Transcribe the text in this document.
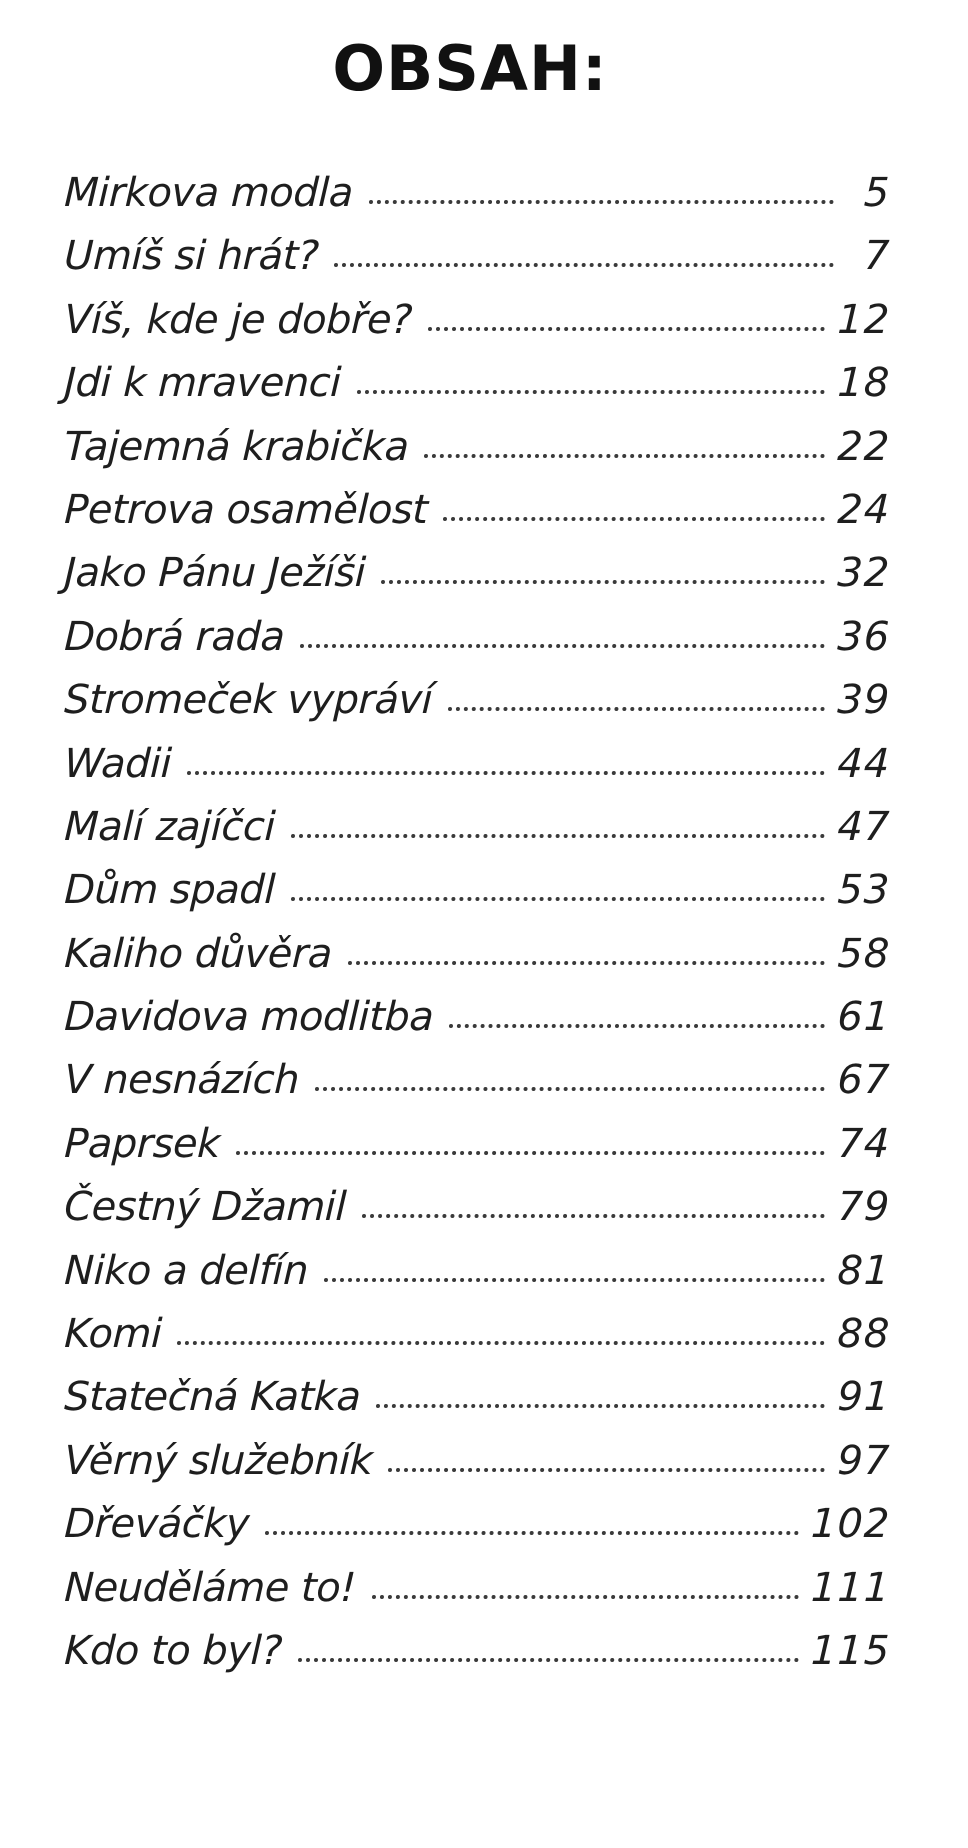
OBSAH:
Mirkova modla	5
Umíš si hrát?	7
Víš, kde je dobře?	12
Jdi k mravenci	18
Tajemná krabička	22
Petrova osamělost	24
Jako Pánu Ježíši	32
Dobrá rada	36
Stromeček vypráví	39
Wadii	44
Malí zajíčci	47
Dům spadl	53
Kaliho důvěra	58
Davidova modlitba	61
V nesnázích	67
Paprsek	74
Čestný Džamil	79
Niko a delfín	81
Komi	88
Statečná Katka	91
Věrný služebník	97
Dřeváčky	102
Neuděláme to!	111
Kdo to byl?	115
